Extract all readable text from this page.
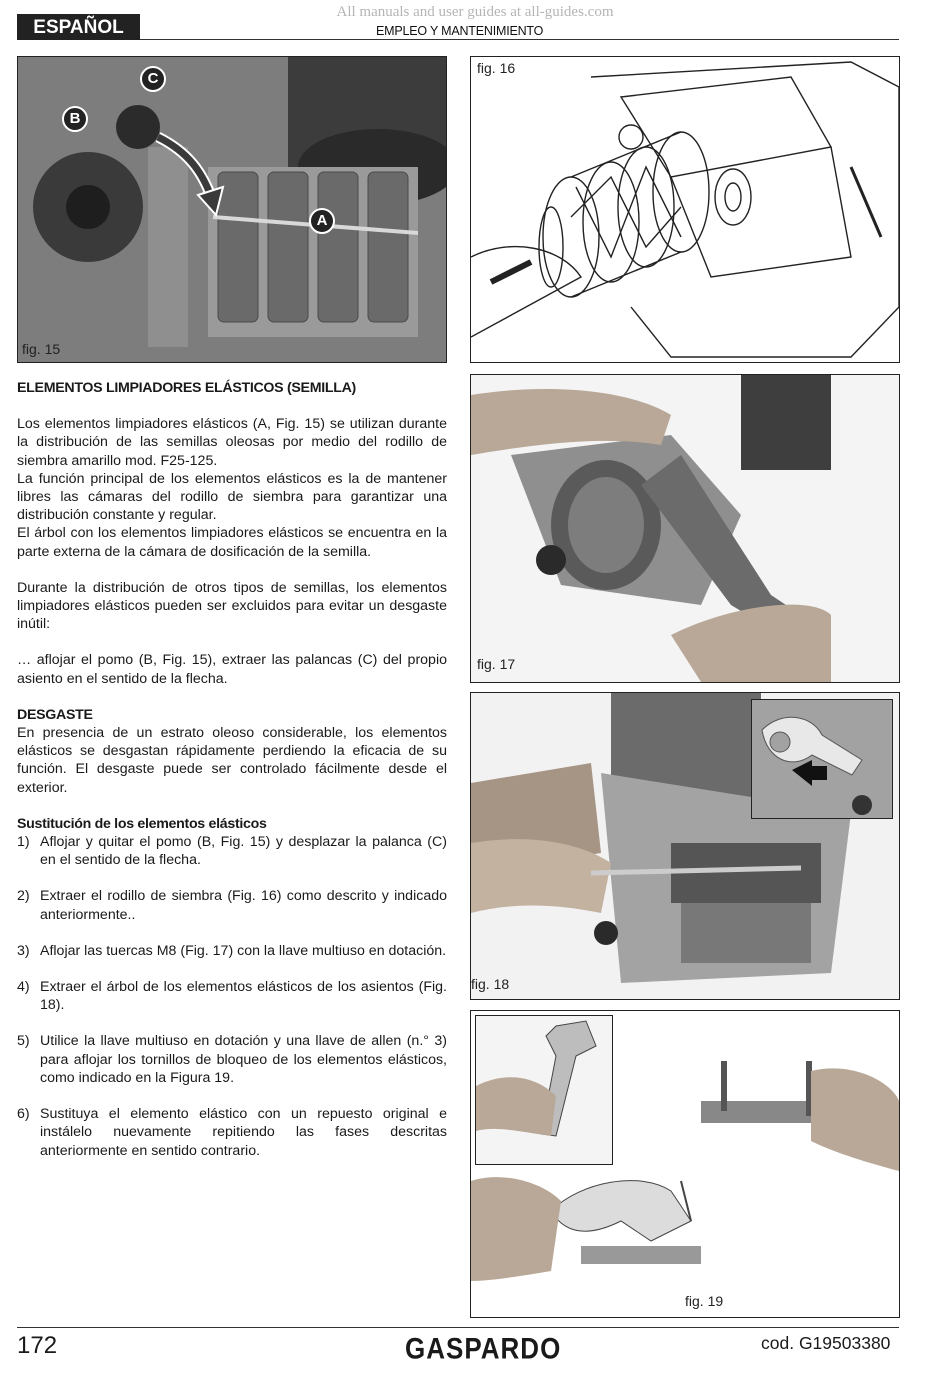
All manuals and user guides at all-guides.com
ESPAÑOL	EMPLEO Y MANTENIMIENTO
C
B
A
fig. 15
fig. 16
fig. 17
fig. 18
fig. 19
ELEMENTOS LIMPIADORES ELÁSTICOS (SEMILLA)

Los elementos limpiadores elásticos (A, Fig. 15) se utilizan durante la distribución de las semillas oleosas por medio del rodillo de siembra amarillo mod. F25-125.

La función principal de los elementos elásticos es la de mantener libres las cámaras del rodillo de siembra para garantizar una distribución constante y regular.

El árbol con los elementos limpiadores elásticos se encuentra en la parte externa de la cámara de dosificación de la semilla.

Durante la distribución de otros tipos de semillas, los elementos limpiadores elásticos pueden ser excluidos para evitar un desgaste inútil:

… aflojar el pomo (B, Fig. 15), extraer las palancas (C) del propio asiento en el sentido de la flecha.

DESGASTE

En presencia de un estrato oleoso considerable, los elementos elásticos se desgastan rápidamente perdiendo la eficacia de su función. El desgaste puede ser controlado fácilmente desde el exterior.

Sustitución de los elementos elásticos
1) Aflojar y quitar el pomo (B, Fig. 15) y desplazar la palanca (C) en el sentido de la flecha.
2) Extraer el rodillo de siembra (Fig. 16) como descrito y indicado anteriormente..
3) Aflojar las tuercas M8 (Fig. 17) con la llave multiuso en dotación.
4) Extraer el árbol de los elementos elásticos de los asientos (Fig. 18).
5) Utilice la llave multiuso en dotación y una llave de allen (n.° 3) para aflojar los tornillos de bloqueo de los elementos elásticos, como indicado en la Figura 19.
6) Sustituya el elemento elástico con un repuesto original e instálelo nuevamente repitiendo las fases descritas anteriormente en sentido contrario.
172	GASPARDO	cod. G19503380
